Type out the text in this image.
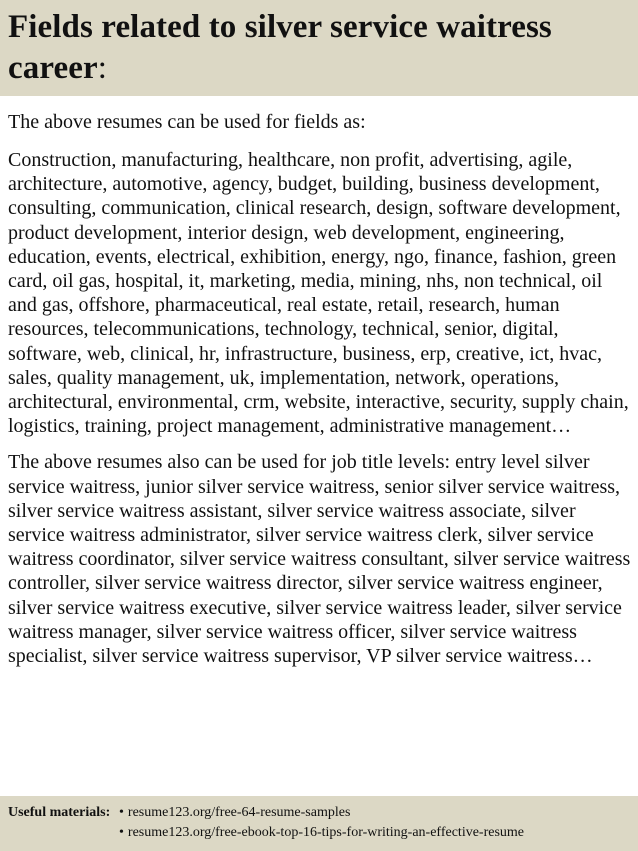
Fields related to silver service waitress career:

The above resumes can be used for fields as:

Construction, manufacturing, healthcare, non profit, advertising, agile, architecture, automotive, agency, budget, building, business development, consulting, communication, clinical research, design, software development, product development, interior design, web development, engineering, education, events, electrical, exhibition, energy, ngo, finance, fashion, green card, oil gas, hospital, it, marketing, media, mining, nhs, non technical, oil and gas, offshore, pharmaceutical, real estate, retail, research, human resources, telecommunications, technology, technical, senior, digital, software, web, clinical, hr, infrastructure, business, erp, creative, ict, hvac, sales, quality management, uk, implementation, network, operations, architectural, environmental, crm, website, interactive, security, supply chain, logistics, training, project management, administrative management…

The above resumes also can be used for job title levels: entry level silver service waitress, junior silver service waitress, senior silver service waitress, silver service waitress assistant, silver service waitress associate, silver service waitress administrator, silver service waitress clerk, silver service waitress coordinator, silver service waitress consultant, silver service waitress controller, silver service waitress director, silver service waitress engineer, silver service waitress executive, silver service waitress leader, silver service waitress manager, silver service waitress officer, silver service waitress specialist, silver service waitress supervisor, VP silver service waitress…

Useful materials: • resume123.org/free-64-resume-samples
• resume123.org/free-ebook-top-16-tips-for-writing-an-effective-resume
